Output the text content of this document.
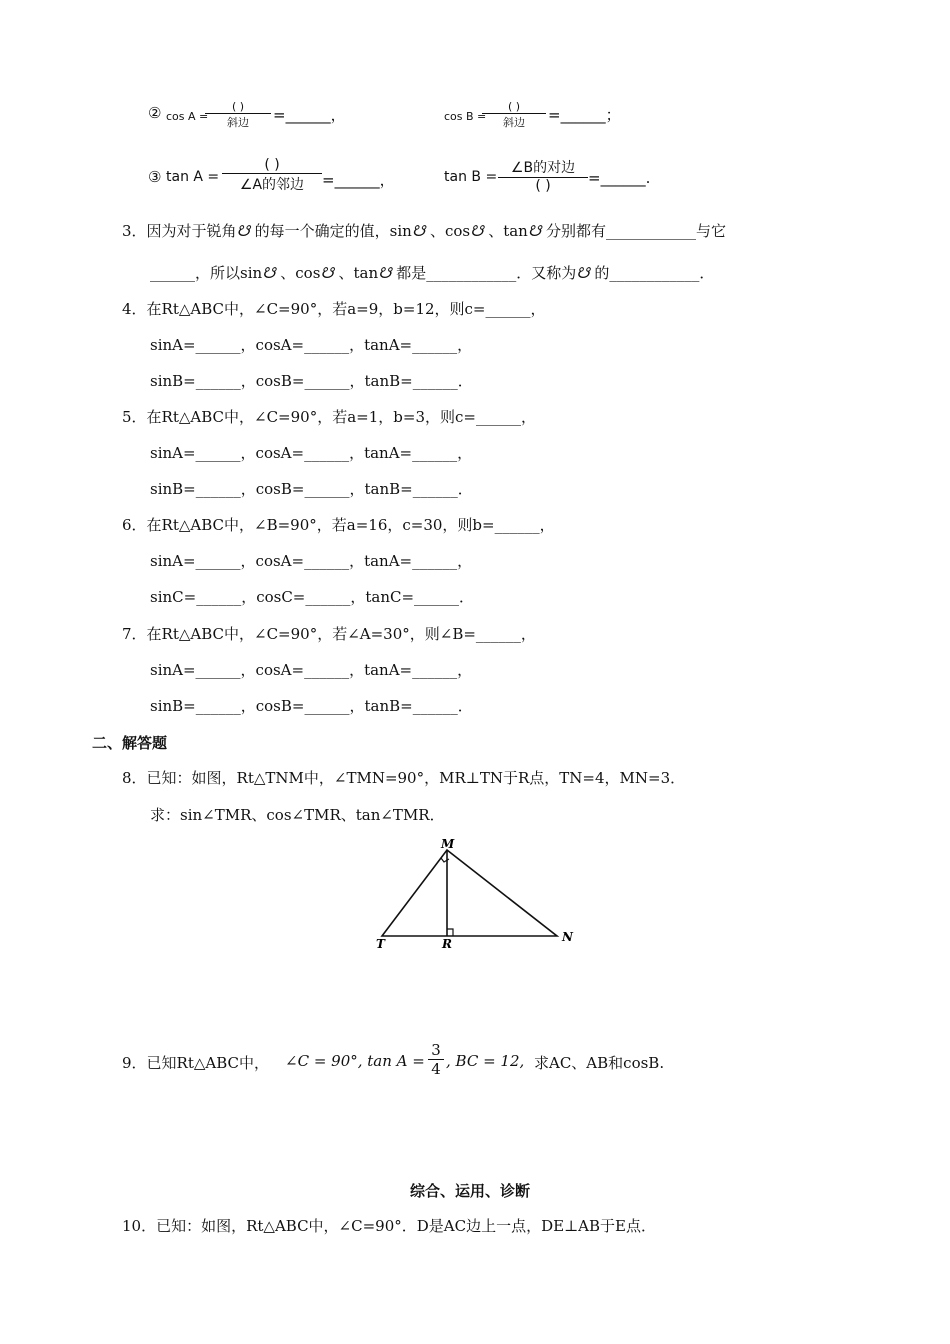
② cos A =
( )
斜边	=______，	cos B =
( )
斜边	=______；
③ tan A =
( )
∠A的邻边	=______，	tan B =
∠B的对边
( )	=______.
3．因为对于锐角☋ 的每一个确定的值，sin☋ 、cos☋ 、tan☋ 分别都有____________与它
______，所以sin☋ 、cos☋ 、tan☋ 都是____________．又称为☋ 的____________．
4．在Rt△ABC中，∠C=90°，若a=9，b=12，则c=______，
sinA=______，cosA=______，tanA=______，
sinB=______，cosB=______，tanB=______．
5．在Rt△ABC中，∠C=90°，若a=1，b=3，则c=______，
sinA=______，cosA=______，tanA=______，
sinB=______，cosB=______，tanB=______．
6．在Rt△ABC中，∠B=90°，若a=16，c=30，则b=______，
sinA=______，cosA=______，tanA=______，
sinC=______，cosC=______，tanC=______．
7．在Rt△ABC中，∠C=90°，若∠A=30°，则∠B=______，
sinA=______，cosA=______，tanA=______，
sinB=______，cosB=______，tanB=______．
二、解答题
8．已知：如图，Rt△TNM中，∠TMN=90°，MR⊥TN于R点，TN=4，MN=3．
求：sin∠TMR、cos∠TMR、tan∠TMR．
M
T	R	N
9．已知Rt△ABC中， ∠C = 90°, tan A =
3
4 , BC = 12, 求AC、AB和cosB.
综合、运用、诊断
10．已知：如图，Rt△ABC中，∠C=90°．D是AC边上一点，DE⊥AB于E点．
